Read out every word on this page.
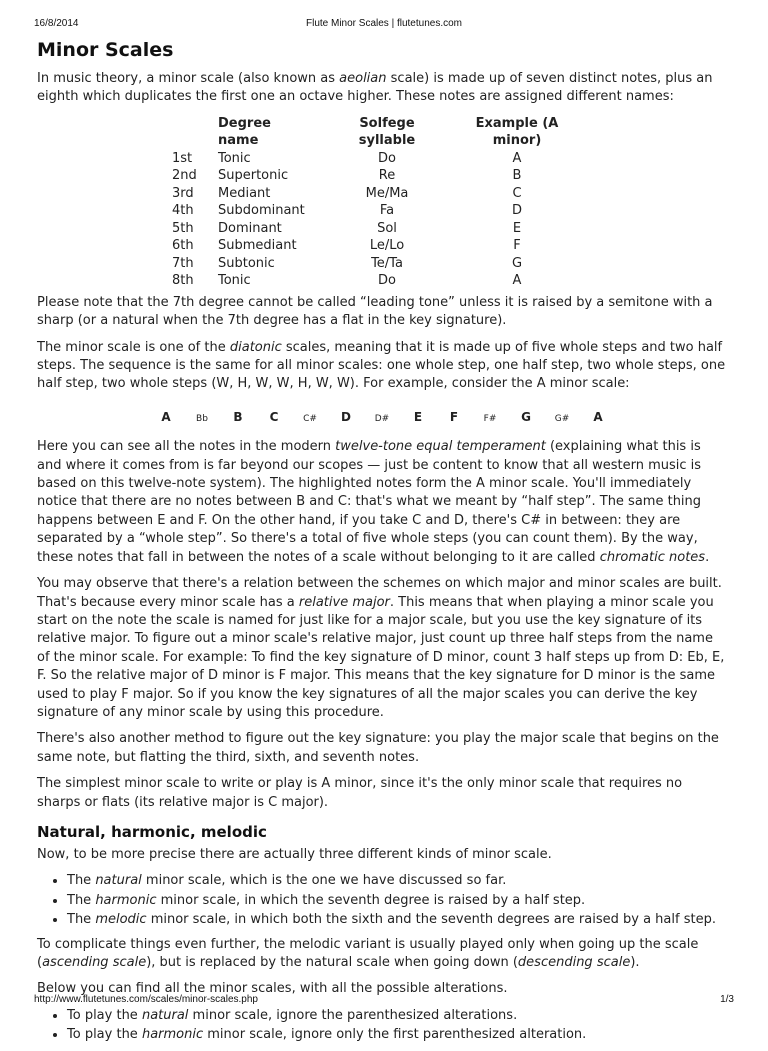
16/8/2014	Flute Minor Scales | flutetunes.com
Minor Scales

In music theory, a minor scale (also known as aeolian scale) is made up of seven distinct notes, plus an eighth which duplicates the first one an octave higher. These notes are assigned different names:

	Degree name	Solfege syllable	Example (A minor)
1st	Tonic	Do	A
2nd	Supertonic	Re	B
3rd	Mediant	Me/Ma	C
4th	Subdominant	Fa	D
5th	Dominant	Sol	E
6th	Submediant	Le/Lo	F
7th	Subtonic	Te/Ta	G
8th	Tonic	Do	A

Please note that the 7th degree cannot be called “leading tone” unless it is raised by a semitone with a sharp (or a natural when the 7th degree has a flat in the key signature).

The minor scale is one of the diatonic scales, meaning that it is made up of five whole steps and two half steps. The sequence is the same for all minor scales: one whole step, one half step, two whole steps, one half step, two whole steps (W, H, W, W, H, W, W). For example, consider the A minor scale:

A	Bb	B	C	C#	D	D#	E	F	F#	G	G#	A

Here you can see all the notes in the modern twelve-tone equal temperament (explaining what this is and where it comes from is far beyond our scopes — just be content to know that all western music is based on this twelve-note system). The highlighted notes form the A minor scale. You'll immediately notice that there are no notes between B and C: that's what we meant by “half step”. The same thing happens between E and F. On the other hand, if you take C and D, there's C# in between: they are separated by a “whole step”. So there's a total of five whole steps (you can count them). By the way, these notes that fall in between the notes of a scale without belonging to it are called chromatic notes.

You may observe that there's a relation between the schemes on which major and minor scales are built. That's because every minor scale has a relative major. This means that when playing a minor scale you start on the note the scale is named for just like for a major scale, but you use the key signature of its relative major. To figure out a minor scale's relative major, just count up three half steps from the name of the minor scale. For example: To find the key signature of D minor, count 3 half steps up from D: Eb, E, F. So the relative major of D minor is F major. This means that the key signature for D minor is the same used to play F major. So if you know the key signatures of all the major scales you can derive the key signature of any minor scale by using this procedure.

There's also another method to figure out the key signature: you play the major scale that begins on the same note, but flatting the third, sixth, and seventh notes.

The simplest minor scale to write or play is A minor, since it's the only minor scale that requires no sharps or flats (its relative major is C major).

Natural, harmonic, melodic

Now, to be more precise there are actually three different kinds of minor scale.

• The natural minor scale, which is the one we have discussed so far.
• The harmonic minor scale, in which the seventh degree is raised by a half step.
• The melodic minor scale, in which both the sixth and the seventh degrees are raised by a half step.

To complicate things even further, the melodic variant is usually played only when going up the scale (ascending scale), but is replaced by the natural scale when going down (descending scale).

Below you can find all the minor scales, with all the possible alterations.

• To play the natural minor scale, ignore the parenthesized alterations.
• To play the harmonic minor scale, ignore only the first parenthesized alteration.
http://www.flutetunes.com/scales/minor-scales.php	1/3
